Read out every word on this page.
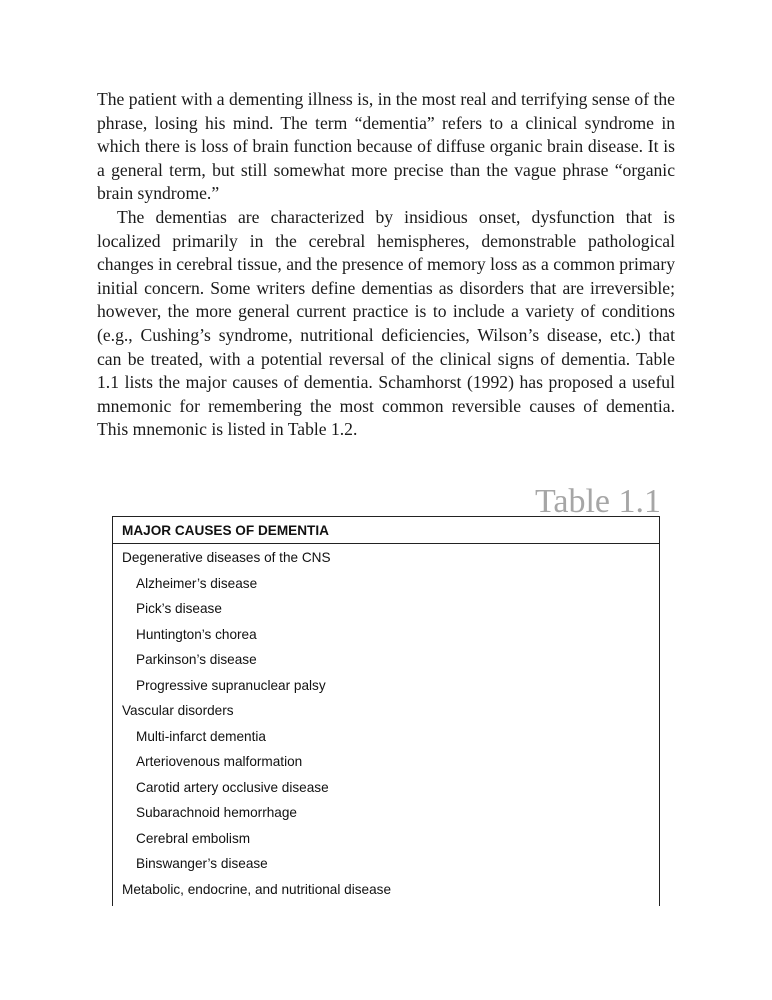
The patient with a dementing illness is, in the most real and terrifying sense of the phrase, losing his mind. The term “dementia” refers to a clinical syndrome in which there is loss of brain function because of diffuse organic brain disease. It is a general term, but still somewhat more precise than the vague phrase “organic brain syndrome.”

The dementias are characterized by insidious onset, dysfunction that is localized primarily in the cerebral hemispheres, demonstrable pathological changes in cerebral tissue, and the presence of memory loss as a common primary initial concern. Some writers define dementias as disorders that are irreversible; however, the more general current practice is to include a variety of conditions (e.g., Cushing’s syndrome, nutritional deficiencies, Wilson’s disease, etc.) that can be treated, with a potential reversal of the clinical signs of dementia. Table 1.1 lists the major causes of dementia. Schamhorst (1992) has proposed a useful mnemonic for remembering the most common reversible causes of dementia. This mnemonic is listed in Table 1.2.

Table 1.1

MAJOR CAUSES OF DEMENTIA
Degenerative diseases of the CNS
Alzheimer’s disease
Pick’s disease
Huntington’s chorea
Parkinson’s disease
Progressive supranuclear palsy
Vascular disorders
Multi-infarct dementia
Arteriovenous malformation
Carotid artery occlusive disease
Subarachnoid hemorrhage
Cerebral embolism
Binswanger’s disease
Metabolic, endocrine, and nutritional disease
